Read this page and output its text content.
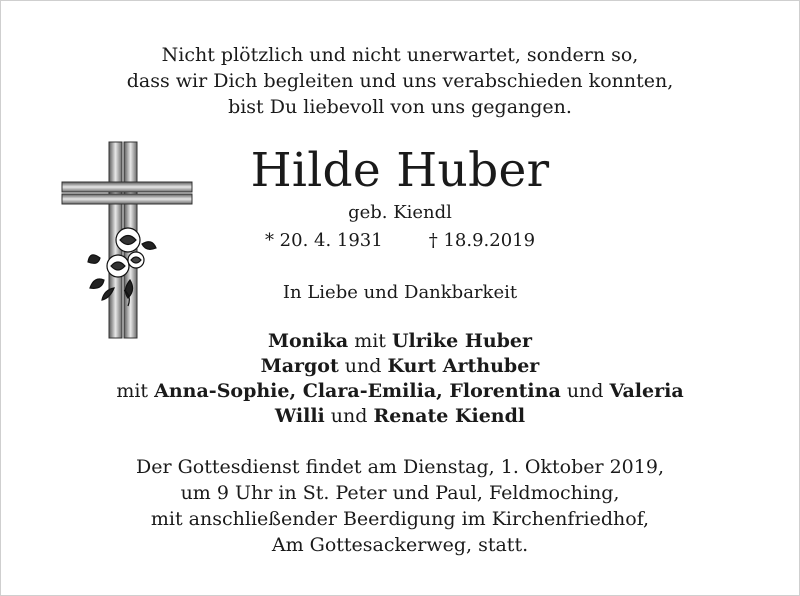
Nicht plötzlich und nicht unerwartet, sondern so,
dass wir Dich begleiten und uns verabschieden konnten,
bist Du liebevoll von uns gegangen.
Hilde Huber
geb. Kiendl
* 20. 4. 1931	† 18.9.2019
In Liebe und Dankbarkeit
Monika mit Ulrike Huber
Margot und Kurt Arthuber
mit Anna-Sophie, Clara-Emilia, Florentina und Valeria
Willi und Renate Kiendl
Der Gottesdienst findet am Dienstag, 1. Oktober 2019,
um 9 Uhr in St. Peter und Paul, Feldmoching,
mit anschließender Beerdigung im Kirchenfriedhof,
Am Gottesackerweg, statt.
